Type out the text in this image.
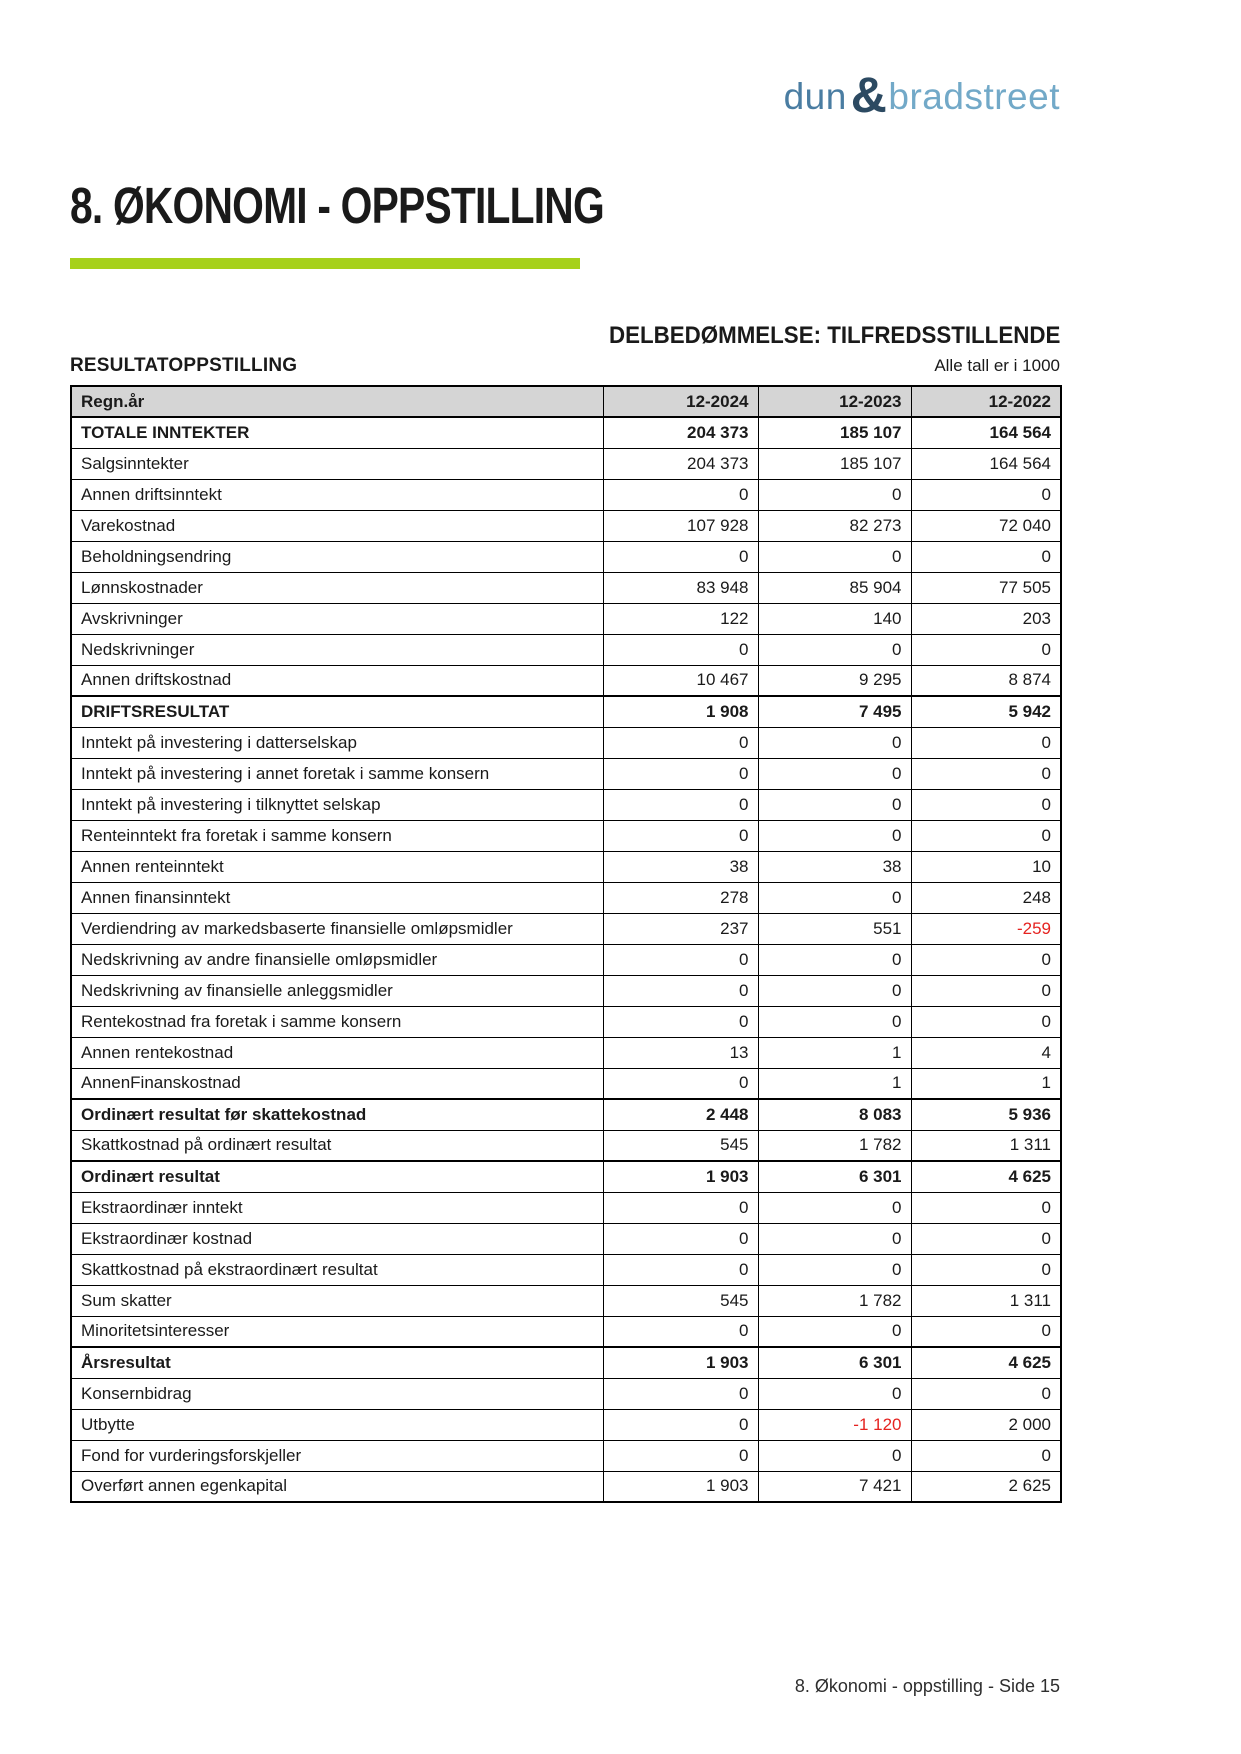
dun & bradstreet
8. ØKONOMI - OPPSTILLING
DELBEDØMMELSE: TILFREDSSTILLENDE
RESULTATOPPSTILLING	Alle tall er i 1000
Regn.år	12-2024	12-2023	12-2022
TOTALE INNTEKTER	204 373	185 107	164 564
Salgsinntekter	204 373	185 107	164 564
Annen driftsinntekt	0	0	0
Varekostnad	107 928	82 273	72 040
Beholdningsendring	0	0	0
Lønnskostnader	83 948	85 904	77 505
Avskrivninger	122	140	203
Nedskrivninger	0	0	0
Annen driftskostnad	10 467	9 295	8 874
DRIFTSRESULTAT	1 908	7 495	5 942
Inntekt på investering i datterselskap	0	0	0
Inntekt på investering i annet foretak i samme konsern	0	0	0
Inntekt på investering i tilknyttet selskap	0	0	0
Renteinntekt fra foretak i samme konsern	0	0	0
Annen renteinntekt	38	38	10
Annen finansinntekt	278	0	248
Verdiendring av markedsbaserte finansielle omløpsmidler	237	551	-259
Nedskrivning av andre finansielle omløpsmidler	0	0	0
Nedskrivning av finansielle anleggsmidler	0	0	0
Rentekostnad fra foretak i samme konsern	0	0	0
Annen rentekostnad	13	1	4
AnnenFinanskostnad	0	1	1
Ordinært resultat før skattekostnad	2 448	8 083	5 936
Skattkostnad på ordinært resultat	545	1 782	1 311
Ordinært resultat	1 903	6 301	4 625
Ekstraordinær inntekt	0	0	0
Ekstraordinær kostnad	0	0	0
Skattkostnad på ekstraordinært resultat	0	0	0
Sum skatter	545	1 782	1 311
Minoritetsinteresser	0	0	0
Årsresultat	1 903	6 301	4 625
Konsernbidrag	0	0	0
Utbytte	0	-1 120	2 000
Fond for vurderingsforskjeller	0	0	0
Overført annen egenkapital	1 903	7 421	2 625
8. Økonomi - oppstilling - Side 15
